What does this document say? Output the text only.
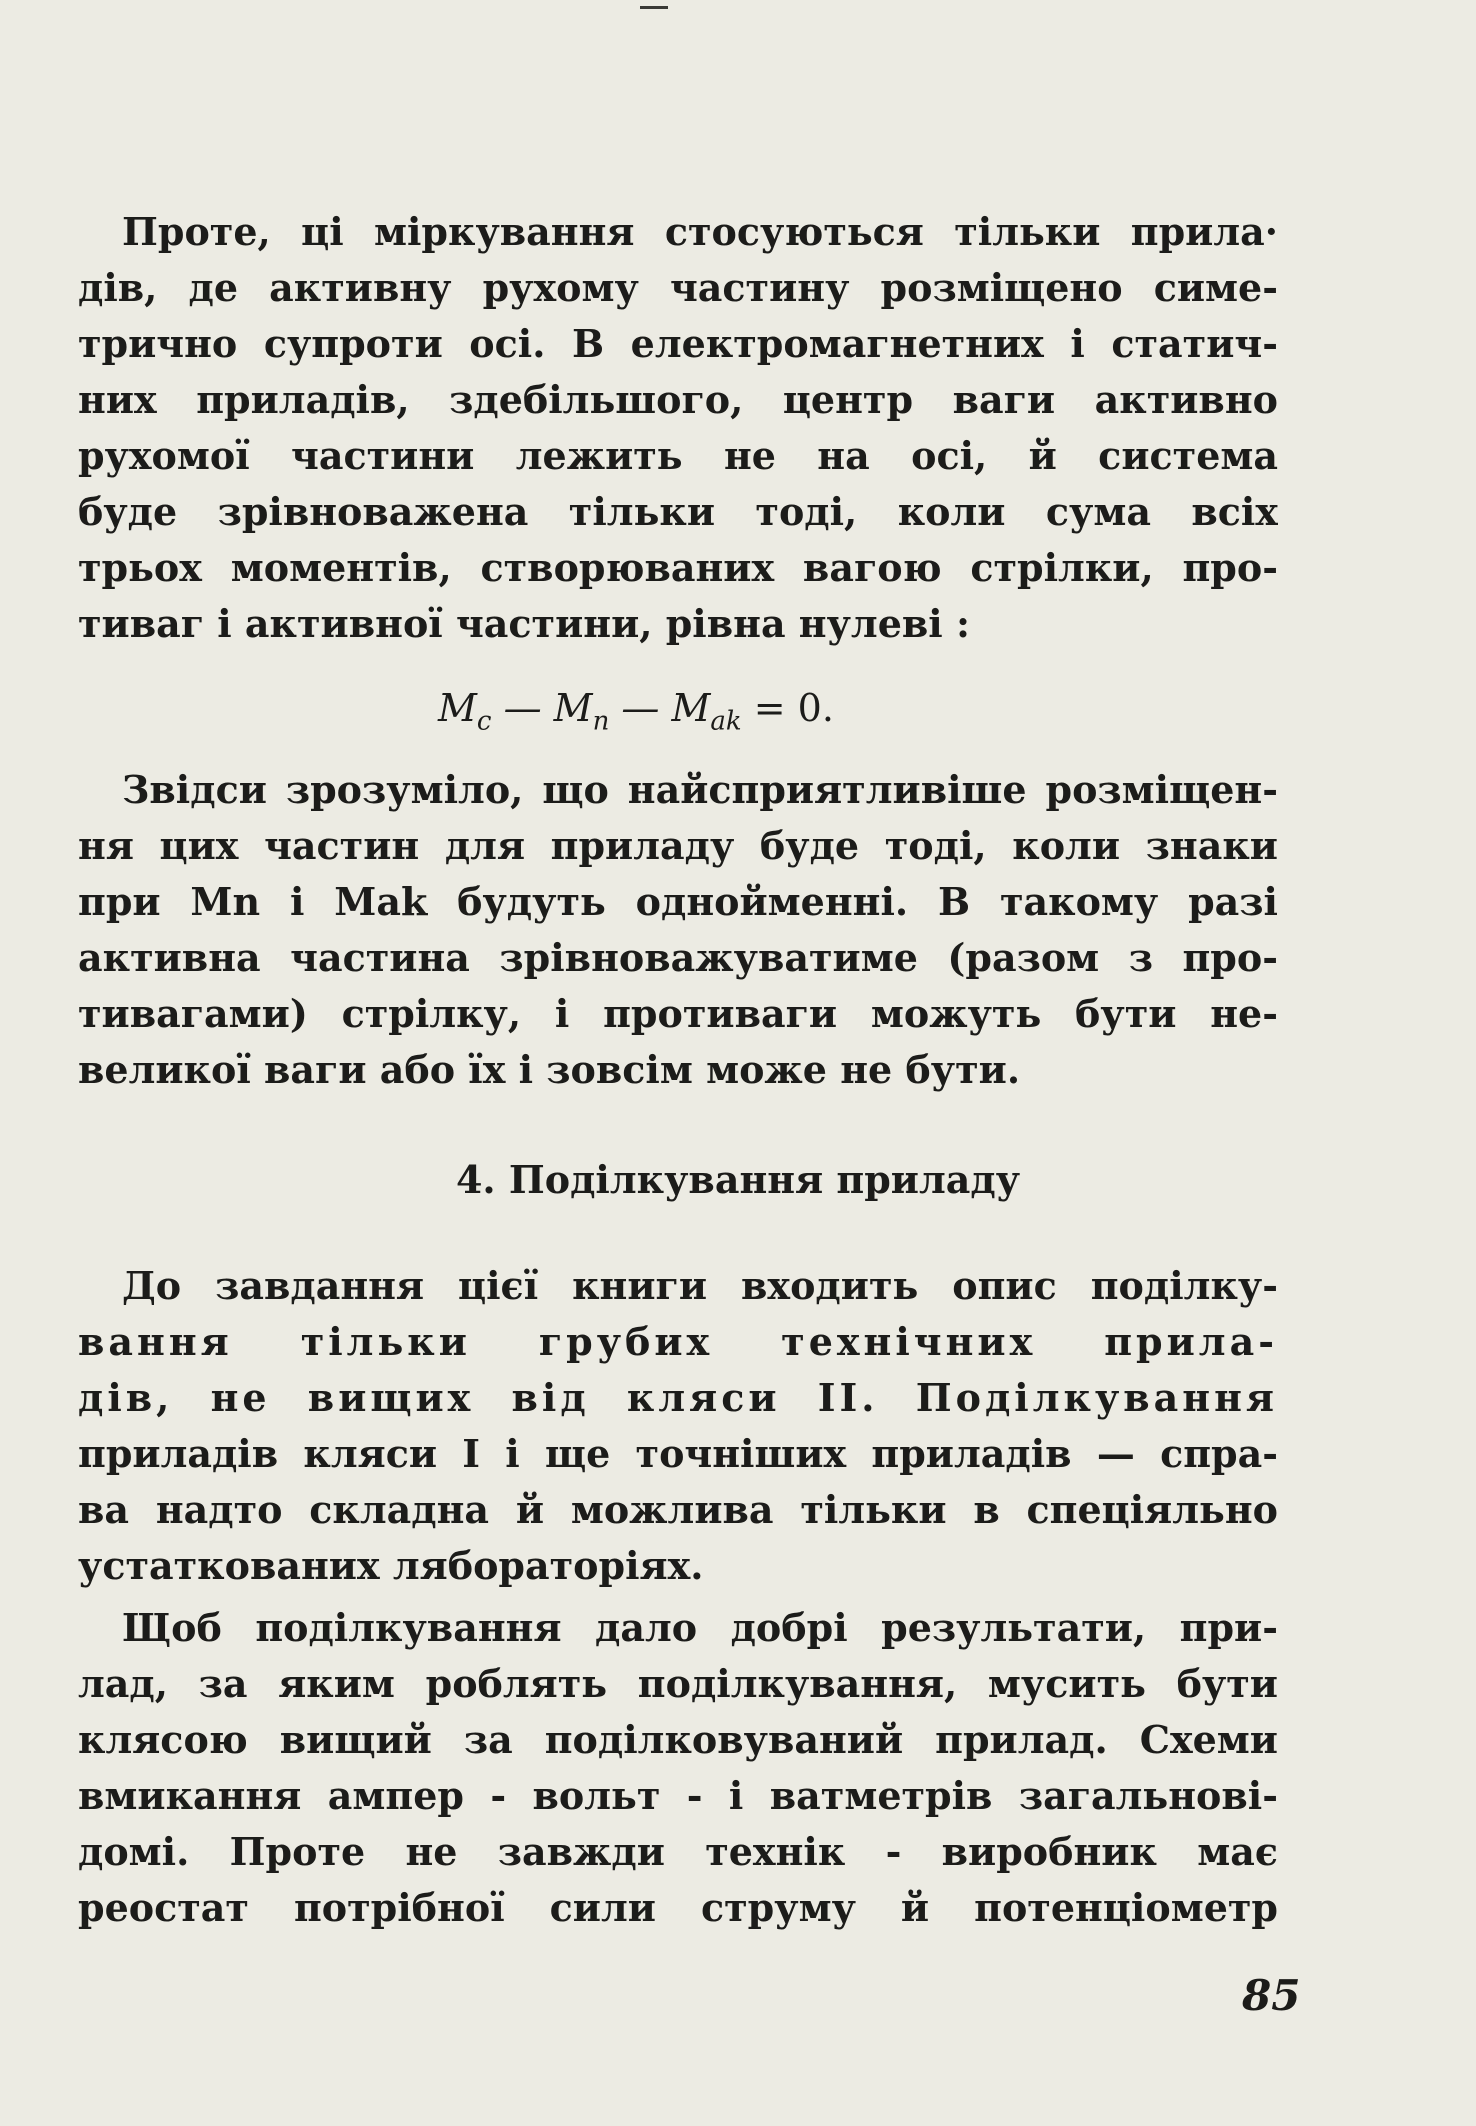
Проте, ці міркування стосуються тільки прила·
дів, де активну рухому частину розміщено симе-
трично супроти осі. В електромагнетних і статич-
них приладів, здебільшого, центр ваги активно
рухомої частини лежить не на осі, й система
буде зрівноважена тільки тоді, коли сума всіх
трьох моментів, створюваних вагою стрілки, про-
тиваг і активної частини, рівна нулеві :
$M_c$ — $M_n$ — $M_{ak} = 0$.
Звідси зрозуміло, що найсприятливіше розміщен-
ня цих частин для приладу буде тоді, коли знаки
при Mn і Mak будуть однойменні. В такому разі
активна частина зрівноважуватиме (разом з про-
тивагами) стрілку, і противаги можуть бути не-
великої ваги або їх і зовсім може не бути.
4. Поділкування приладу
До завдання цієї книги входить опис поділку-
вання тільки грубих технічних прила-
дів, не вищих від кляси II. Поділкування
приладів кляси I і ще точніших приладів — спра-
ва надто складна й можлива тільки в спеціяльно
устаткованих ляборат​оріях.
Щоб поділкування дало добрі результати, при-
лад, за яким роблять поділкування, мусить бути
клясою вищий за поділковуваний прилад. Схеми
вмикання ампер - вольт - і ватметрів загальнові-
домі. Проте не завжди технік - виробник має
реостат потрібної сили струму й потенціометр
85
